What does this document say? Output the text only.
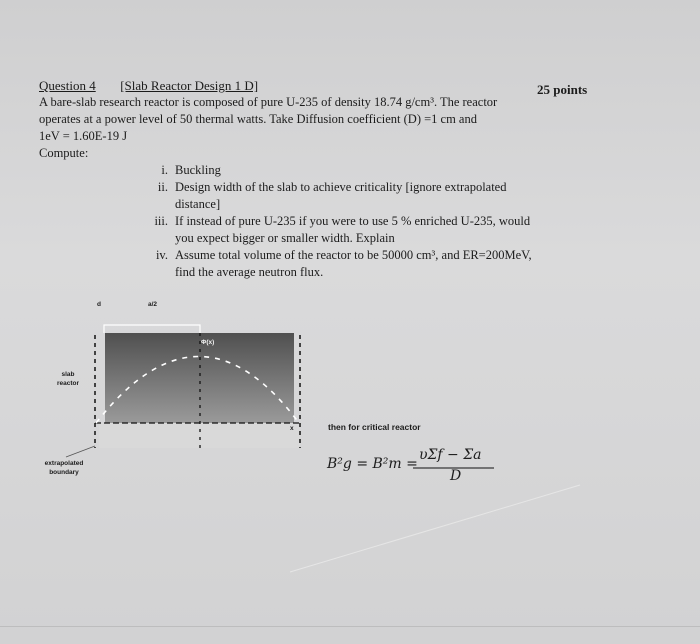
Question 4 [Slab Reactor Design 1 D]	25 points
A bare-slab research reactor is composed of pure U-235 of density 18.74 g/cm³. The reactor
operates at a power level of 50 thermal watts. Take Diffusion coefficient (D) =1 cm and
1eV = 1.60E-19 J
Compute:
i. Buckling
ii. Design width of the slab to achieve criticality [ignore extrapolated
distance]
iii. If instead of pure U-235 if you were to use 5 % enriched U-235, would
you expect bigger or smaller width. Explain
iv. Assume total volume of the reactor to be 50000 cm³, and ER=200MeV,
find the average neutron flux.
d	a/2
Φ(x)
slab
reactor
x
extrapolated
boundary
then for critical reactor
B²g = B²m =
υΣf − Σa
D
